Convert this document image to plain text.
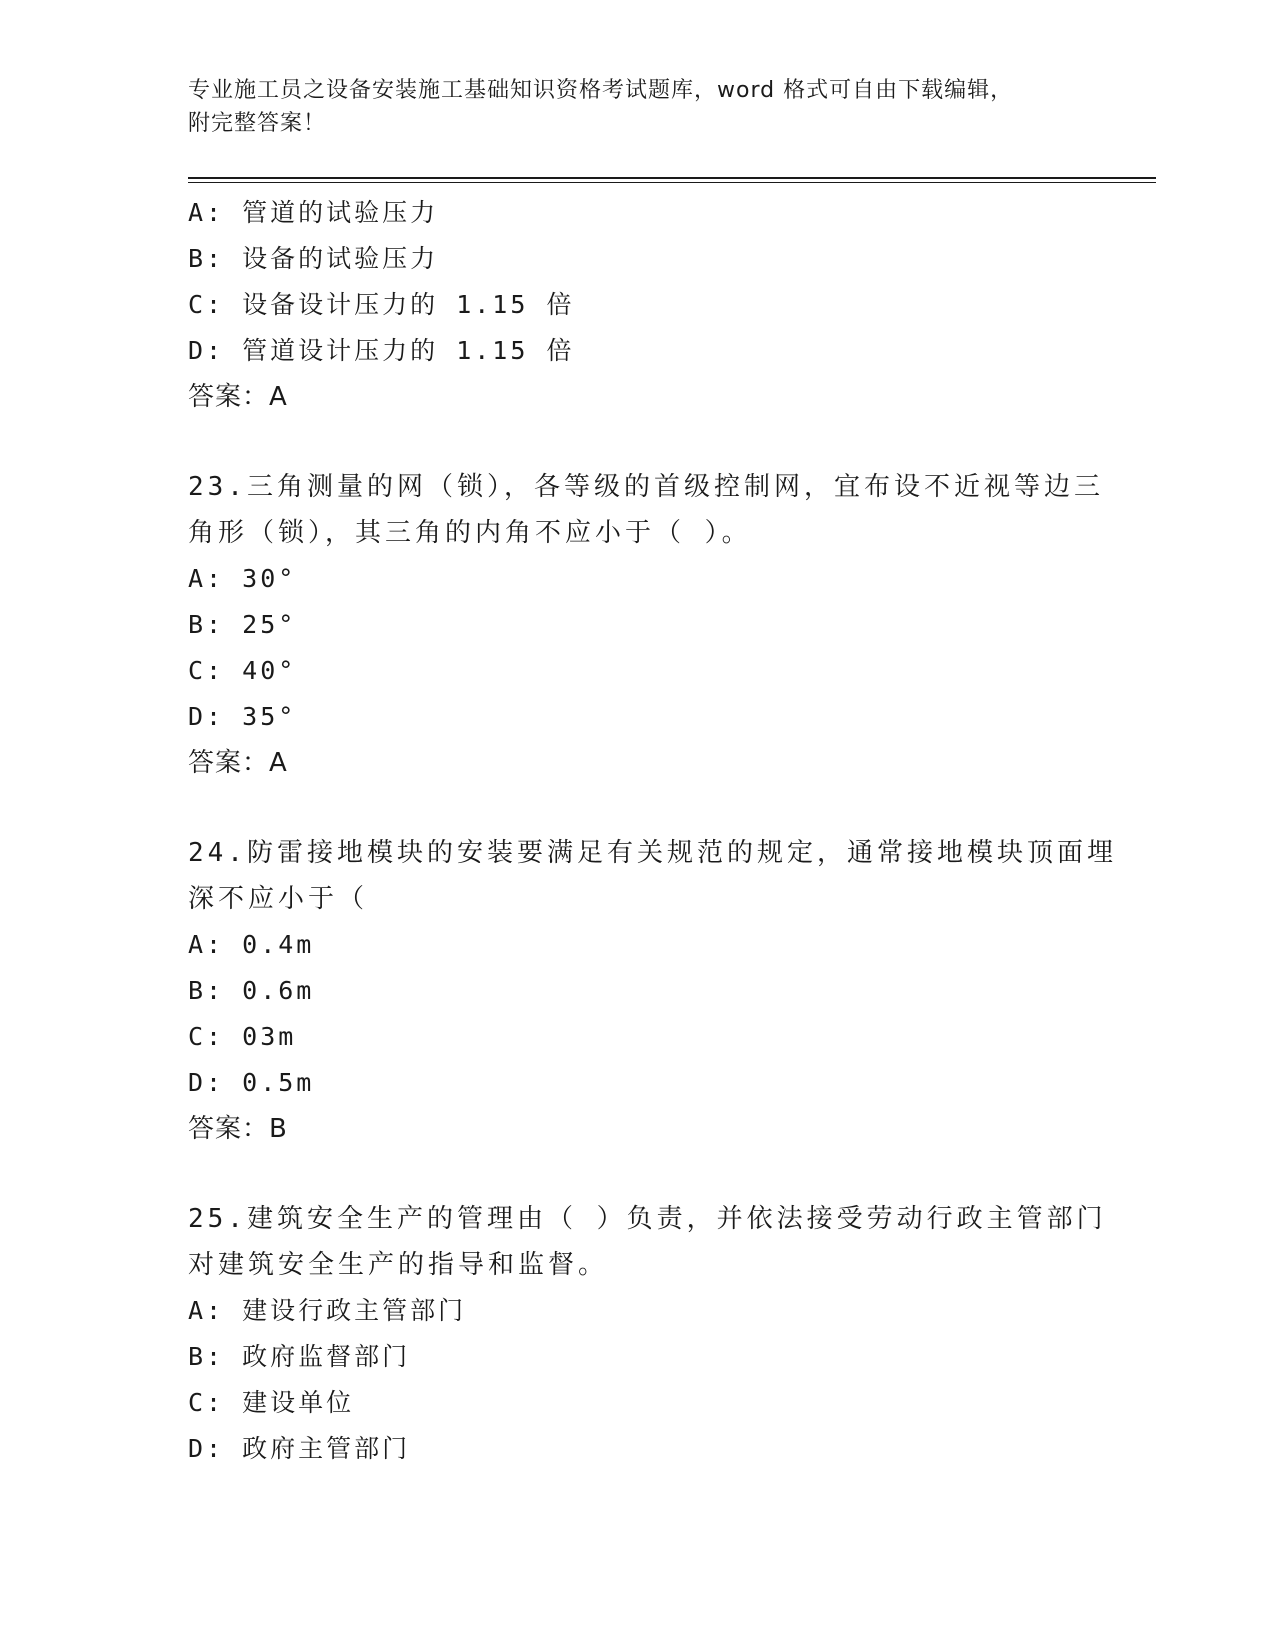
专业施工员之设备安装施工基础知识资格考试题库，word 格式可自由下载编辑，
附完整答案！
A: 管道的试验压力
B: 设备的试验压力
C: 设备设计压力的 1.15 倍
D: 管道设计压力的 1.15 倍
答案：A
23.三角测量的网（锁），各等级的首级控制网，宜布设不近视等边三
角形（锁），其三角的内角不应小于（ ）。
A: 30°
B: 25°
C: 40°
D: 35°
答案：A
24.防雷接地模块的安装要满足有关规范的规定，通常接地模块顶面埋
深不应小于（
A: 0.4m
B: 0.6m
C: 03m
D: 0.5m
答案：B
25.建筑安全生产的管理由（ ）负责，并依法接受劳动行政主管部门
对建筑安全生产的指导和监督。
A: 建设行政主管部门
B: 政府监督部门
C: 建设单位
D: 政府主管部门
